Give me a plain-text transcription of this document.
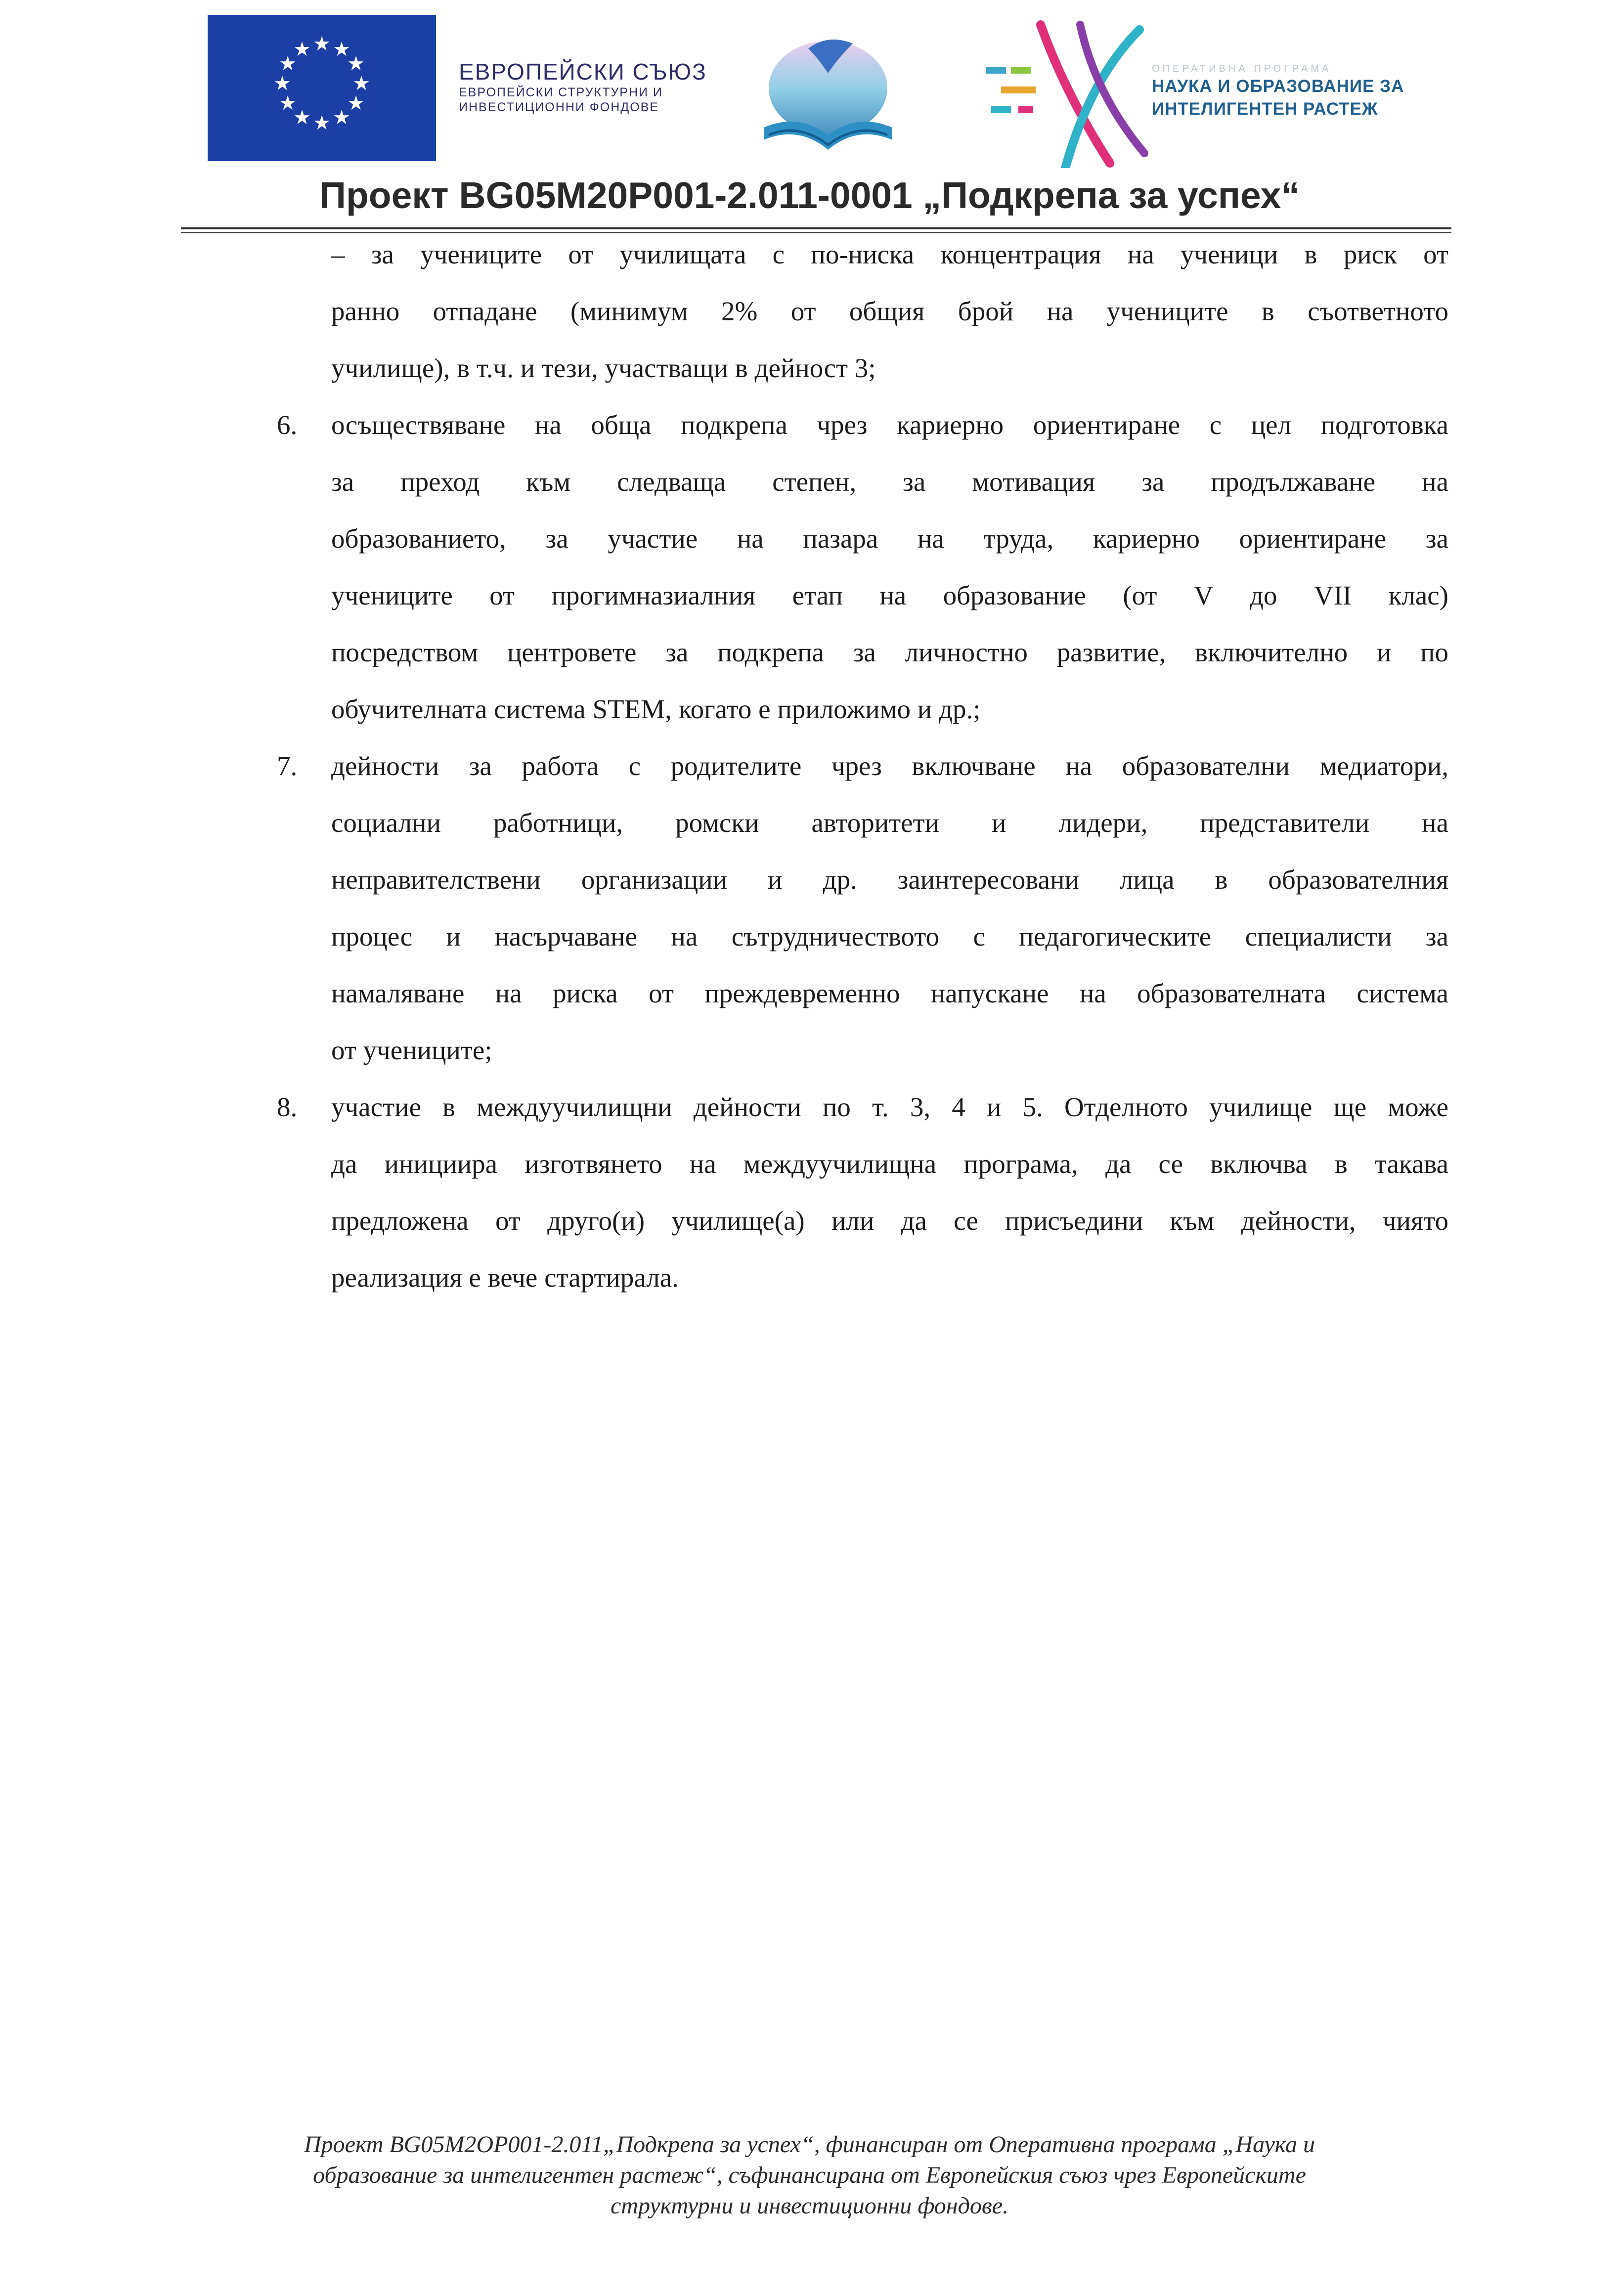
★ ★
★
★
★
★
★
★
★
★
★
★
ЕВРОПЕЙСКИ СЪЮЗ
ЕВРОПЕЙСКИ СТРУКТУРНИ И
ИНВЕСТИЦИОННИ ФОНДОВЕ
ОПЕРАТИВНА ПРОГРАМА
НАУКА И ОБРАЗОВАНИЕ ЗА
ИНТЕЛИГЕНТЕН РАСТЕЖ
Проект BG05M20P001-2.011-0001 „Подкрепа за успех“
– за учениците от училищата с по-ниска концентрация на ученици в риск от
ранно отпадане (минимум 2% от общия брой на учениците в съответното
училище), в т.ч. и тези, участващи в дейност 3;
6. осъществяване на обща подкрепа чрез кариерно ориентиране с цел подготовка
за преход към следваща степен, за мотивация за продължаване на
образованието, за участие на пазара на труда, кариерно ориентиране за
учениците от прогимназиалния етап на образование (от V до VII клас)
посредством центровете за подкрепа за личностно развитие, включително и по
обучителната система STEM, когато е приложимо и др.;
7. дейности за работа с родителите чрез включване на образователни медиатори,
социални работници, ромски авторитети и лидери, представители на
неправителствени организации и др. заинтересовани лица в образователния
процес и насърчаване на сътрудничеството с педагогическите специалисти за
намаляване на риска от преждевременно напускане на образователната система
от учениците;
8. участие в междуучилищни дейности по т. 3, 4 и 5. Отделното училище ще може
да инициира изготвянето на междуучилищна програма, да се включва в такава
предложена от друго(и) училище(а) или да се присъедини към дейности, чиято
реализация е вече стартирала.
Проект BG05M2OP001-2.011„Подкрепа за успех“, финансиран от Оперативна програма „Наука и
образование за интелигентен растеж“, съфинансирана от Европейския съюз чрез Европейските
структурни и инвестиционни фондове.
